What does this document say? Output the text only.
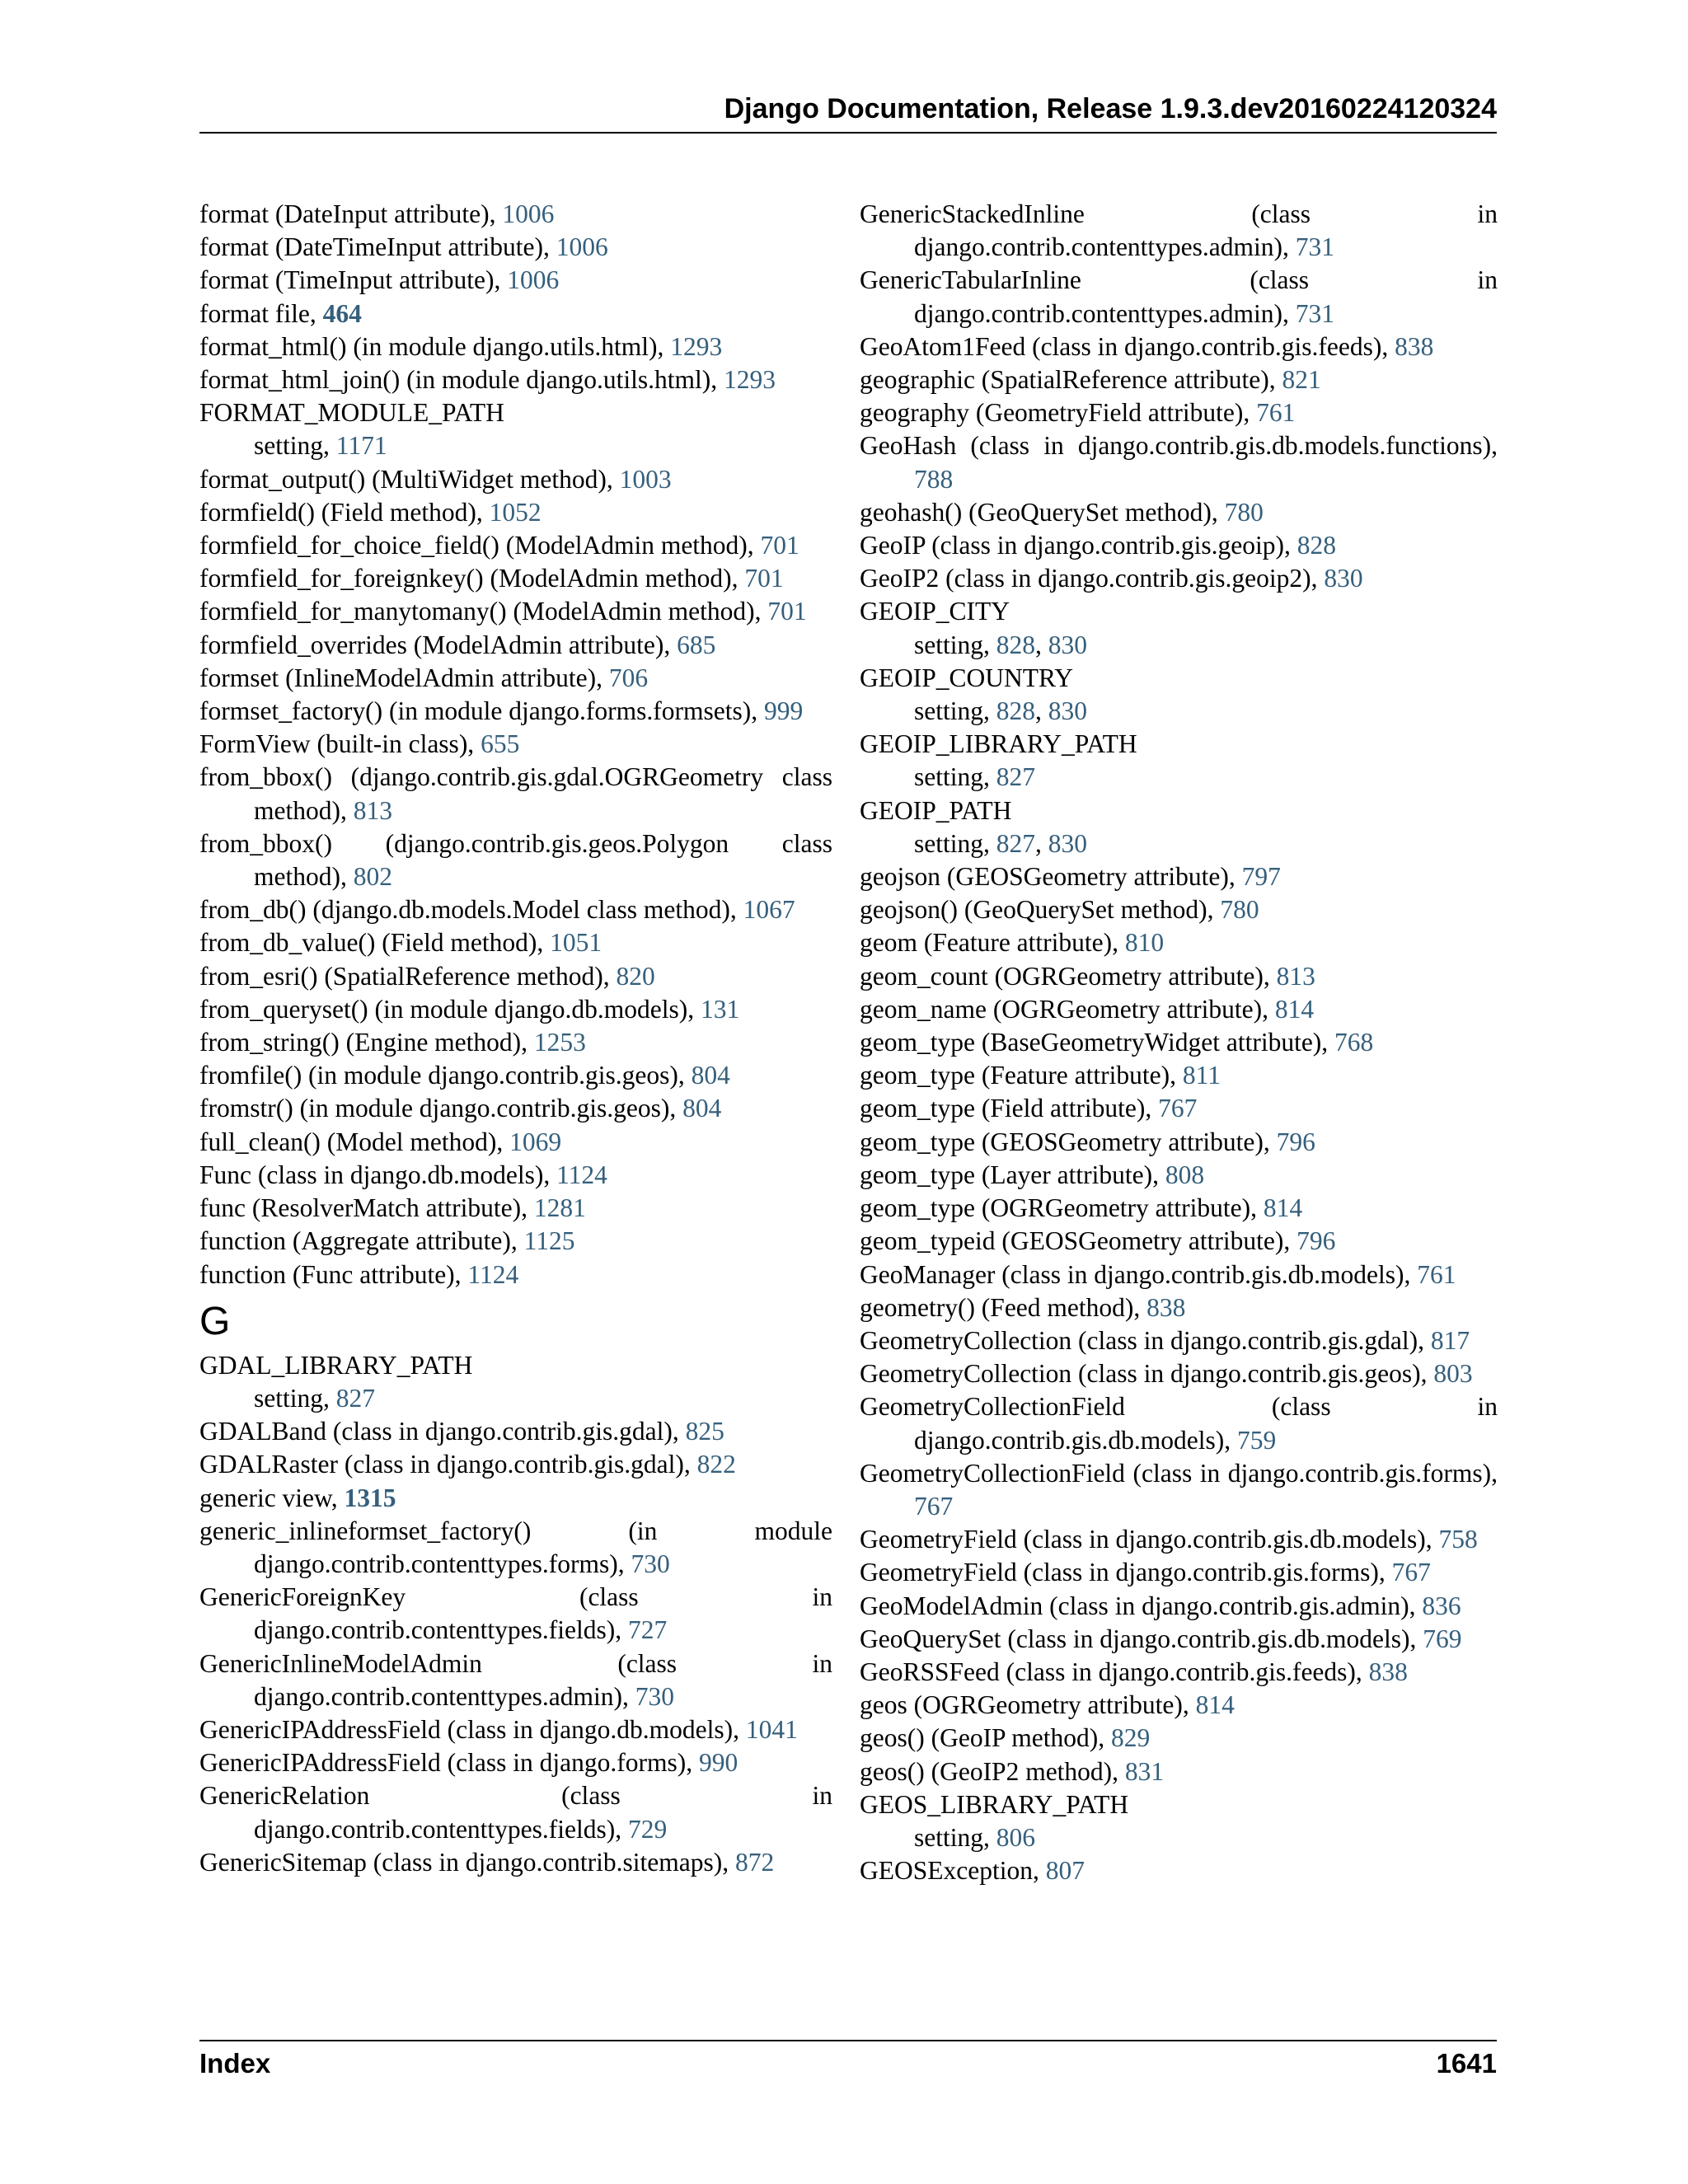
Django Documentation, Release 1.9.3.dev20160224120324
format (DateInput attribute), 1006
format (DateTimeInput attribute), 1006
format (TimeInput attribute), 1006
format file, 464
format_html() (in module django.utils.html), 1293
format_html_join() (in module django.utils.html), 1293
FORMAT_MODULE_PATH
setting, 1171
format_output() (MultiWidget method), 1003
formfield() (Field method), 1052
formfield_for_choice_field() (ModelAdmin method), 701
formfield_for_foreignkey() (ModelAdmin method), 701
formfield_for_manytomany() (ModelAdmin method), 701
formfield_overrides (ModelAdmin attribute), 685
formset (InlineModelAdmin attribute), 706
formset_factory() (in module django.forms.formsets), 999
FormView (built-in class), 655
from_bbox() (django.contrib.gis.gdal.OGRGeometry class method), 813
from_bbox() (django.contrib.gis.geos.Polygon class method), 802
from_db() (django.db.models.Model class method), 1067
from_db_value() (Field method), 1051
from_esri() (SpatialReference method), 820
from_queryset() (in module django.db.models), 131
from_string() (Engine method), 1253
fromfile() (in module django.contrib.gis.geos), 804
fromstr() (in module django.contrib.gis.geos), 804
full_clean() (Model method), 1069
Func (class in django.db.models), 1124
func (ResolverMatch attribute), 1281
function (Aggregate attribute), 1125
function (Func attribute), 1124
G
GDAL_LIBRARY_PATH
setting, 827
GDALBand (class in django.contrib.gis.gdal), 825
GDALRaster (class in django.contrib.gis.gdal), 822
generic view, 1315
generic_inlineformset_factory() (in module django.contrib.contenttypes.forms), 730
GenericForeignKey (class in django.contrib.contenttypes.fields), 727
GenericInlineModelAdmin (class in django.contrib.contenttypes.admin), 730
GenericIPAddressField (class in django.db.models), 1041
GenericIPAddressField (class in django.forms), 990
GenericRelation (class in django.contrib.contenttypes.fields), 729
GenericSitemap (class in django.contrib.sitemaps), 872
GenericStackedInline (class in django.contrib.contenttypes.admin), 731
GenericTabularInline (class in django.contrib.contenttypes.admin), 731
GeoAtom1Feed (class in django.contrib.gis.feeds), 838
geographic (SpatialReference attribute), 821
geography (GeometryField attribute), 761
GeoHash (class in django.contrib.gis.db.models.functions), 788
geohash() (GeoQuerySet method), 780
GeoIP (class in django.contrib.gis.geoip), 828
GeoIP2 (class in django.contrib.gis.geoip2), 830
GEOIP_CITY
setting, 828, 830
GEOIP_COUNTRY
setting, 828, 830
GEOIP_LIBRARY_PATH
setting, 827
GEOIP_PATH
setting, 827, 830
geojson (GEOSGeometry attribute), 797
geojson() (GeoQuerySet method), 780
geom (Feature attribute), 810
geom_count (OGRGeometry attribute), 813
geom_name (OGRGeometry attribute), 814
geom_type (BaseGeometryWidget attribute), 768
geom_type (Feature attribute), 811
geom_type (Field attribute), 767
geom_type (GEOSGeometry attribute), 796
geom_type (Layer attribute), 808
geom_type (OGRGeometry attribute), 814
geom_typeid (GEOSGeometry attribute), 796
GeoManager (class in django.contrib.gis.db.models), 761
geometry() (Feed method), 838
GeometryCollection (class in django.contrib.gis.gdal), 817
GeometryCollection (class in django.contrib.gis.geos), 803
GeometryCollectionField (class in django.contrib.gis.db.models), 759
GeometryCollectionField (class in django.contrib.gis.forms), 767
GeometryField (class in django.contrib.gis.db.models), 758
GeometryField (class in django.contrib.gis.forms), 767
GeoModelAdmin (class in django.contrib.gis.admin), 836
GeoQuerySet (class in django.contrib.gis.db.models), 769
GeoRSSFeed (class in django.contrib.gis.feeds), 838
geos (OGRGeometry attribute), 814
geos() (GeoIP method), 829
geos() (GeoIP2 method), 831
GEOS_LIBRARY_PATH
setting, 806
GEOSException, 807
Index	1641
